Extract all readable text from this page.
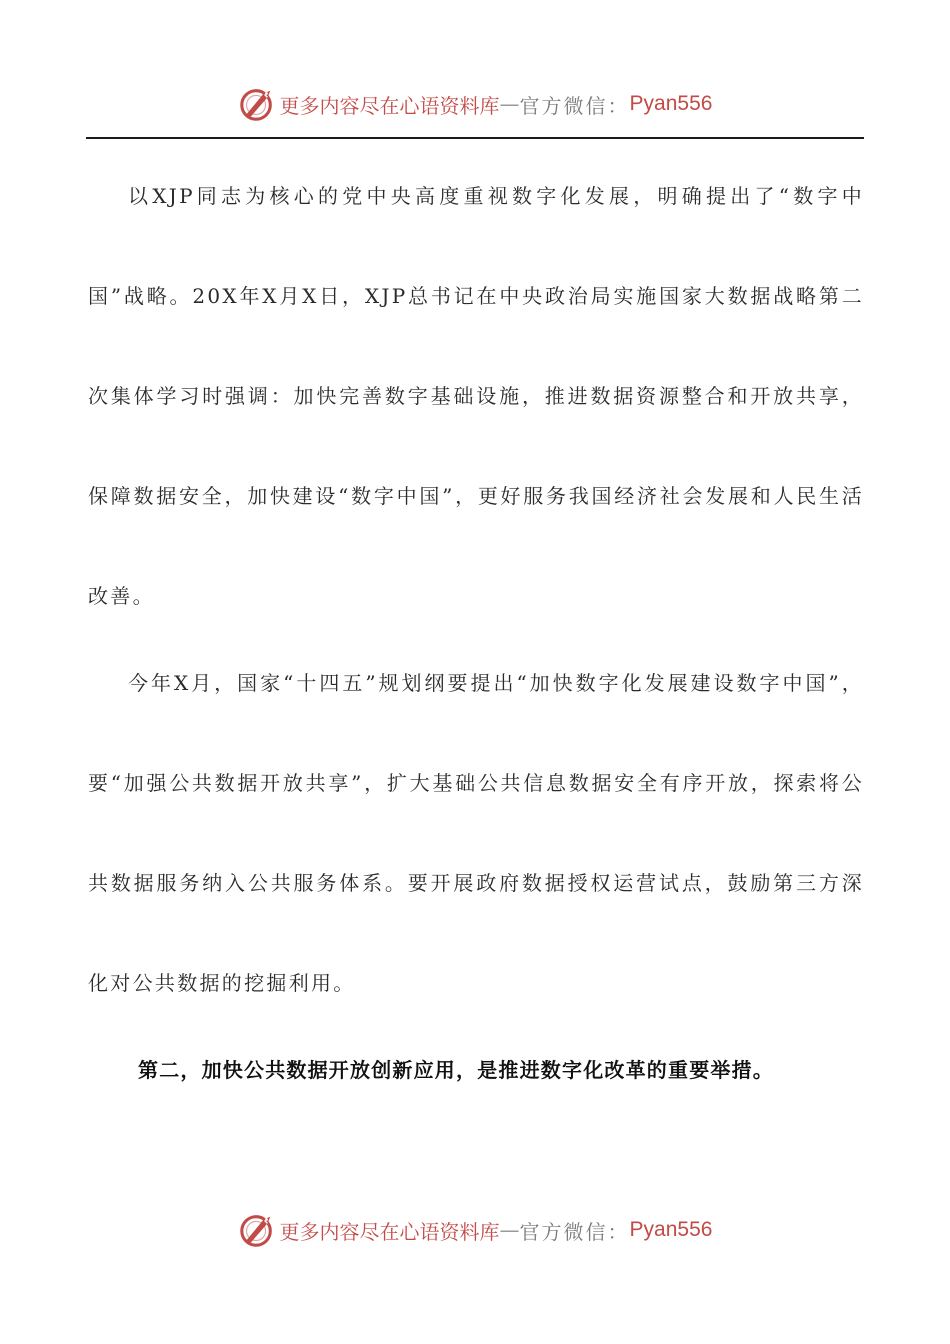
更多内容尽在心语资料库 — 官方微信： Pyan556

以XJP同志为核心的党中央高度重视数字化发展，明确提出了“数字中国”战略。20X年X月X日，XJP总书记在中央政治局实施国家大数据战略第二次集体学习时强调：加快完善数字基础设施，推进数据资源整合和开放共享，保障数据安全，加快建设“数字中国”，更好服务我国经济社会发展和人民生活改善。

今年X月，国家“十四五”规划纲要提出“加快数字化发展建设数字中国”，要“加强公共数据开放共享”，扩大基础公共信息数据安全有序开放，探索将公共数据服务纳入公共服务体系。要开展政府数据授权运营试点，鼓励第三方深化对公共数据的挖掘利用。

第二，加快公共数据开放创新应用，是推进数字化改革的重要举措。

更多内容尽在心语资料库 — 官方微信： Pyan556
